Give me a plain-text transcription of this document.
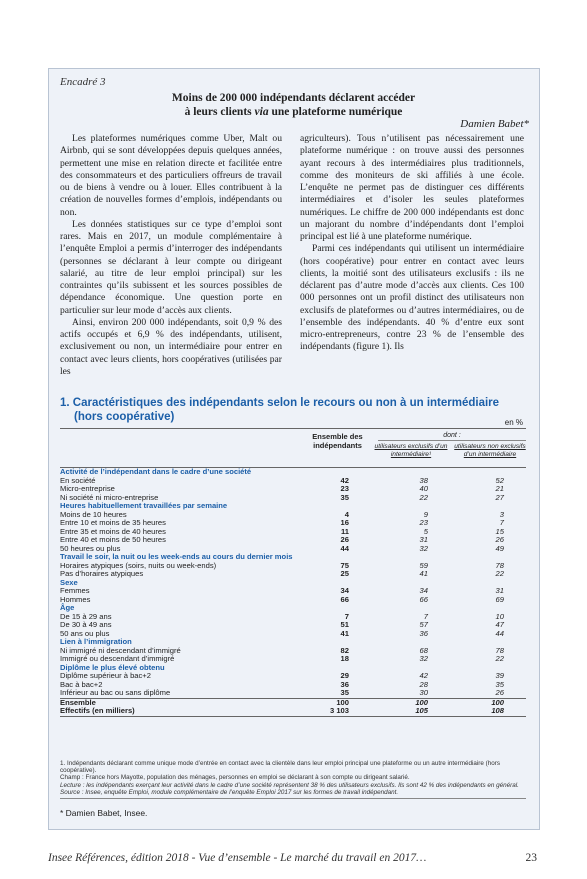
Encadré 3
Moins de 200 000 indépendants déclarent accéder
à leurs clients via une plateforme numérique
Damien Babet*

Les plateformes numériques comme Uber, Malt ou Airbnb, qui se sont développées depuis quelques années, permettent une mise en relation directe et facilitée entre des consommateurs et des particuliers offreurs de travail ou de biens à vendre ou à louer. Elles contribuent à la création de nouvelles formes d’emplois, indépendants ou non.

Les données statistiques sur ce type d’emploi sont rares. Mais en 2017, un module complémentaire à l’enquête Emploi a permis d’interroger des indépendants (personnes se déclarant à leur compte ou dirigeant salarié, au titre de leur emploi principal) sur les contraintes qu’ils subissent et les sources possibles de dépendance économique. Une question porte en particulier sur leur mode d’accès aux clients.

Ainsi, environ 200 000 indépendants, soit 0,9 % des actifs occupés et 6,9 % des indépendants, utilisent, exclusivement ou non, un intermédiaire pour entrer en contact avec leurs clients, hors coopératives (utilisées par les

agriculteurs). Tous n’utilisent pas nécessairement une plateforme numérique : on trouve aussi des personnes ayant recours à des intermédiaires plus traditionnels, comme des moniteurs de ski affiliés à une école. L’enquête ne permet pas de distinguer ces différents intermédiaires et d’isoler les seules plateformes numériques. Le chiffre de 200 000 indépendants est donc un majorant du nombre d’indépendants dont l’emploi principal est lié à une plateforme numérique.

Parmi ces indépendants qui utilisent un intermédiaire (hors coopérative) pour entrer en contact avec leurs clients, la moitié sont des utilisateurs exclusifs : ils ne déclarent pas d’autre mode d’accès aux clients. Ces 100 000 personnes ont un profil distinct des utilisateurs non exclusifs de plateformes ou d’autres intermédiaires, ou de l’ensemble des indépendants. 40 % d’entre eux sont micro-entrepreneurs, contre 23 % de l’ensemble des indépendants (figure 1). Ils

1. Caractéristiques des indépendants selon le recours ou non à un intermédiaire
(hors coopérative)	en %
Ensemble des indépendants
dont :
utilisateurs exclusifs d’un intermédiaire¹
utilisateurs non exclusifs d’un intermédiaire
Activité de l’indépendant dans le cadre d’une société
En société	42	38	52
Micro-entreprise	23	40	21
Ni société ni micro-entreprise	35	22	27
Heures habituellement travaillées par semaine
Moins de 10 heures	4	9	3
Entre 10 et moins de 35 heures	16	23	7
Entre 35 et moins de 40 heures	11	5	15
Entre 40 et moins de 50 heures	26	31	26
50 heures ou plus	44	32	49
Travail le soir, la nuit ou les week-ends au cours du dernier mois
Horaires atypiques (soirs, nuits ou week-ends)	75	59	78
Pas d’horaires atypiques	25	41	22
Sexe
Femmes	34	34	31
Hommes	66	66	69
Âge
De 15 à 29 ans	7	7	10
De 30 à 49 ans	51	57	47
50 ans ou plus	41	36	44
Lien à l’immigration
Ni immigré ni descendant d’immigré	82	68	78
Immigré ou descendant d’immigré	18	32	22
Diplôme le plus élevé obtenu
Diplôme supérieur à bac+2	29	42	39
Bac à bac+2	36	28	35
Inférieur au bac ou sans diplôme	35	30	26
Ensemble	100	100	100
Effectifs (en milliers)	3 103	105	108

1. Indépendants déclarant comme unique mode d’entrée en contact avec la clientèle dans leur emploi principal une plateforme ou un autre intermédiaire (hors coopérative).

Champ : France hors Mayotte, population des ménages, personnes en emploi se déclarant à son compte ou dirigeant salarié.

Lecture : les indépendants exerçant leur activité dans le cadre d’une société représentent 38 % des utilisateurs exclusifs. Ils sont 42 % des indépendants en général.

Source : Insee, enquête Emploi, module complémentaire de l’enquête Emploi 2017 sur les formes de travail indépendant.

* Damien Babet, Insee.
Insee Références, édition 2018 - Vue d’ensemble - Le marché du travail en 2017…	23
